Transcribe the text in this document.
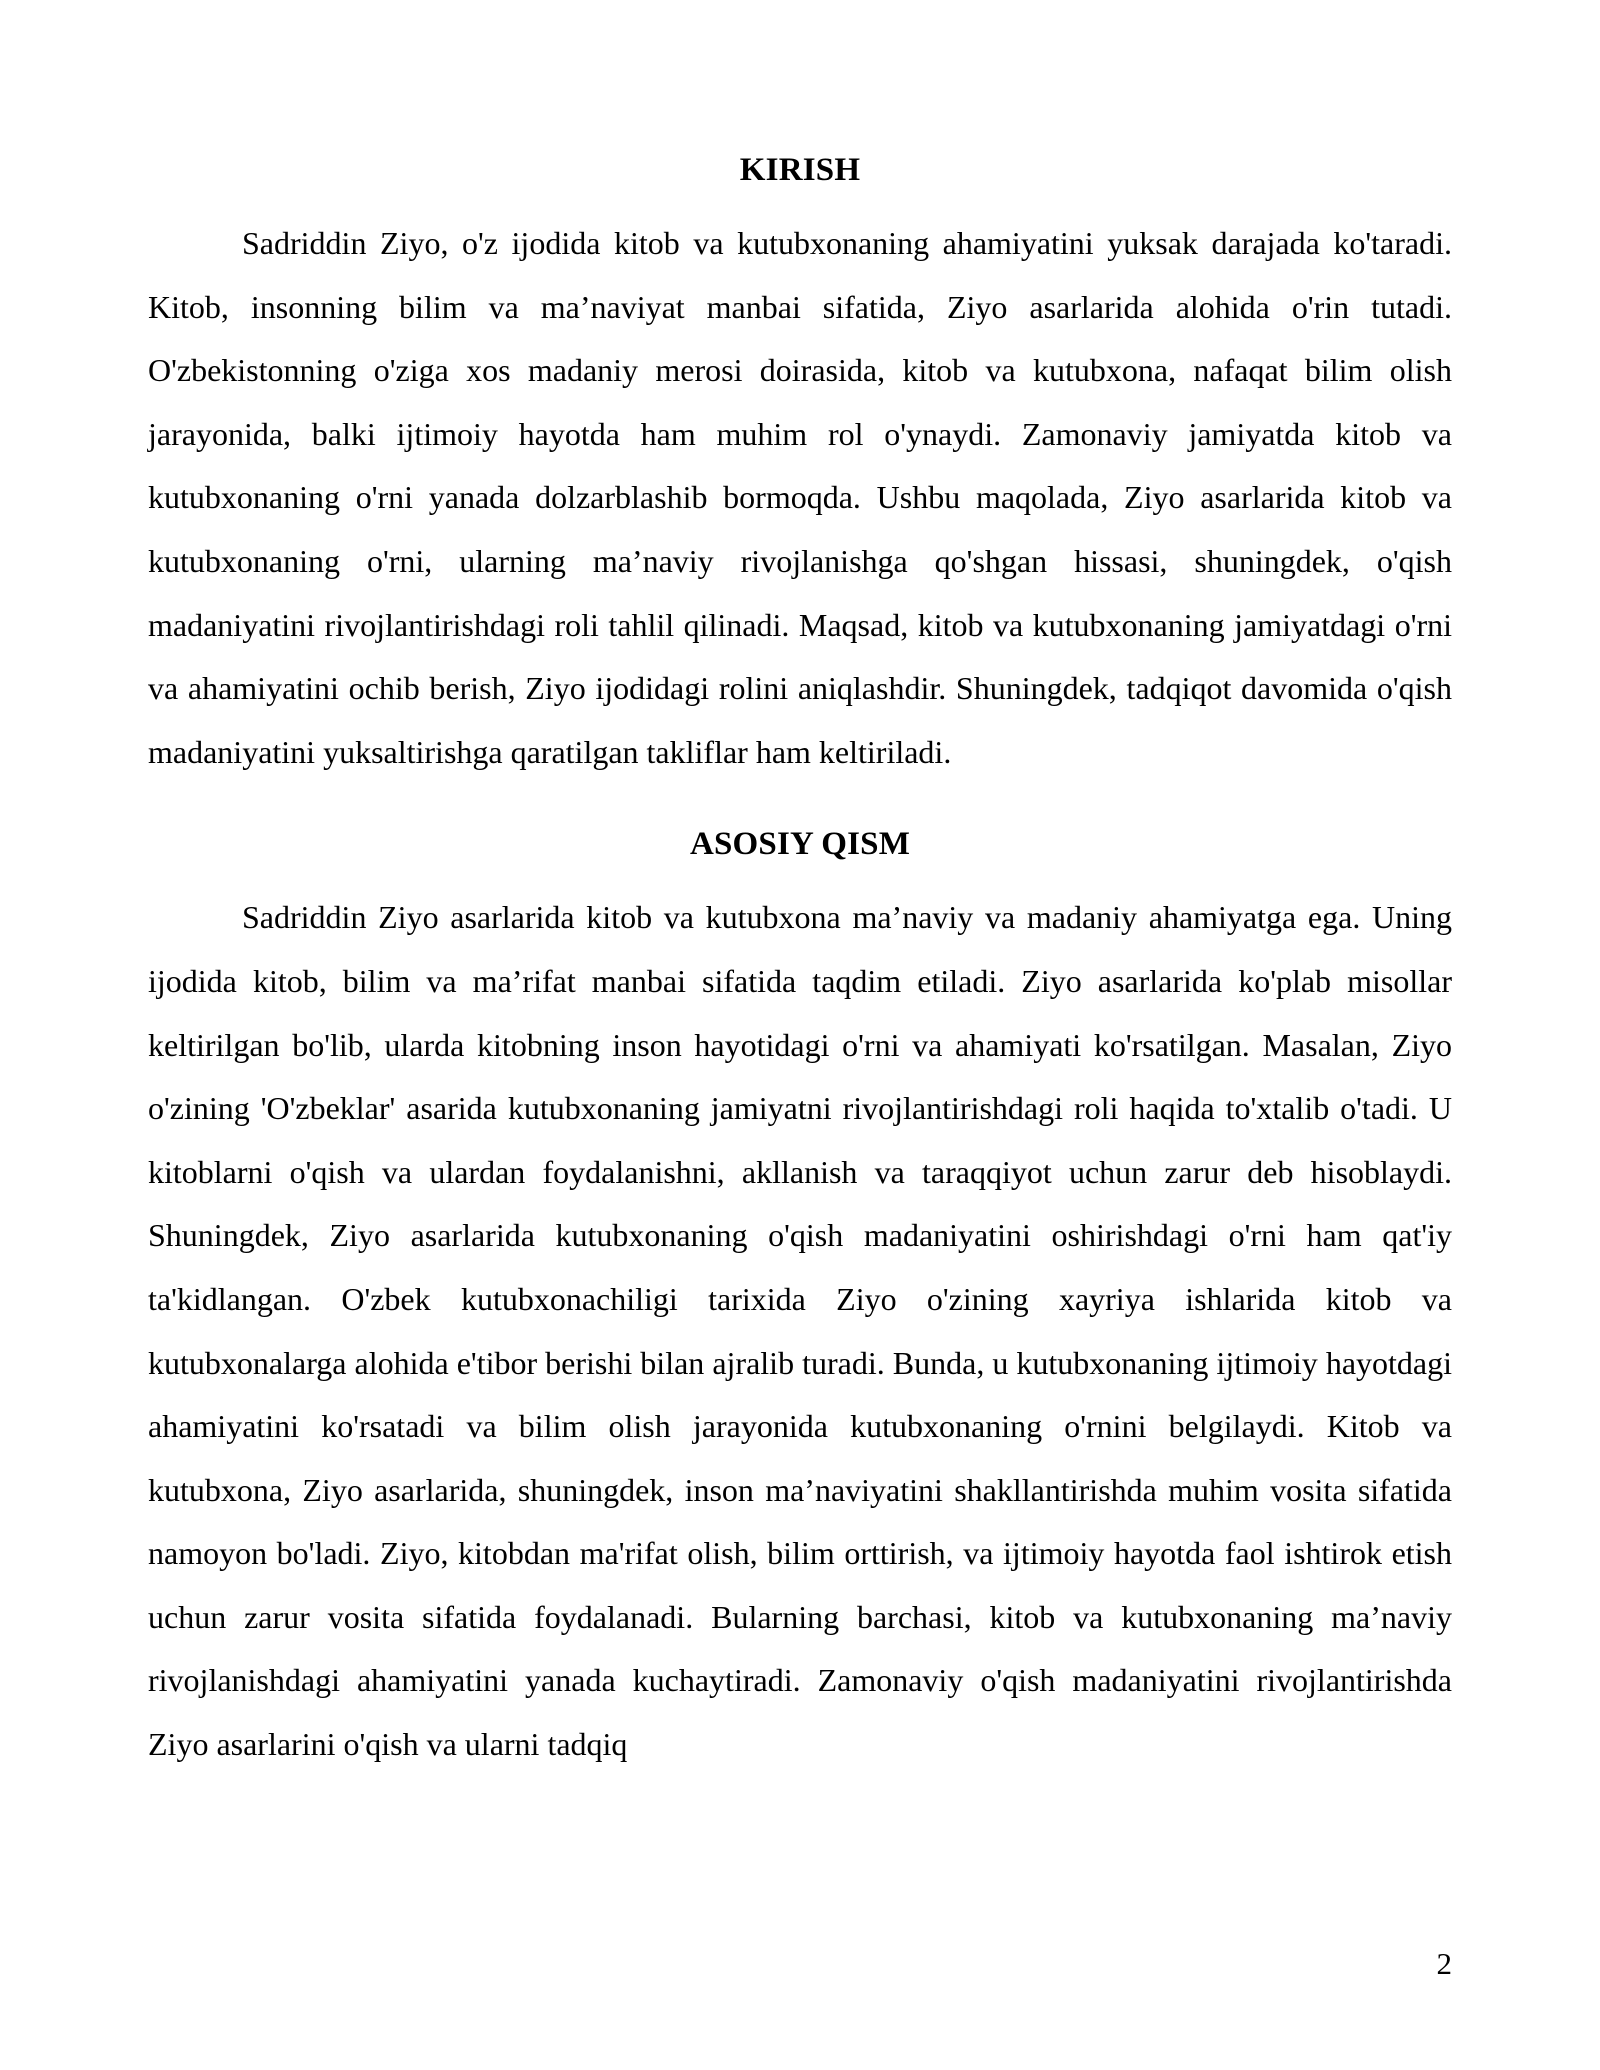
KIRISH

Sadriddin Ziyo, o'z ijodida kitob va kutubxonaning ahamiyatini yuksak darajada ko'taradi. Kitob, insonning bilim va ma’naviyat manbai sifatida, Ziyo asarlarida alohida o'rin tutadi. O'zbekistonning o'ziga xos madaniy merosi doirasida, kitob va kutubxona, nafaqat bilim olish jarayonida, balki ijtimoiy hayotda ham muhim rol o'ynaydi. Zamonaviy jamiyatda kitob va kutubxonaning o'rni yanada dolzarblashib bormoqda. Ushbu maqolada, Ziyo asarlarida kitob va kutubxonaning o'rni, ularning ma’naviy rivojlanishga qo'shgan hissasi, shuningdek, o'qish madaniyatini rivojlantirishdagi roli tahlil qilinadi. Maqsad, kitob va kutubxonaning jamiyatdagi o'rni va ahamiyatini ochib berish, Ziyo ijodidagi rolini aniqlashdir. Shuningdek, tadqiqot davomida o'qish madaniyatini yuksaltirishga qaratilgan takliflar ham keltiriladi.

ASOSIY QISM

Sadriddin Ziyo asarlarida kitob va kutubxona ma’naviy va madaniy ahamiyatga ega. Uning ijodida kitob, bilim va ma’rifat manbai sifatida taqdim etiladi. Ziyo asarlarida ko'plab misollar keltirilgan bo'lib, ularda kitobning inson hayotidagi o'rni va ahamiyati ko'rsatilgan. Masalan, Ziyo o'zining 'O'zbeklar' asarida kutubxonaning jamiyatni rivojlantirishdagi roli haqida to'xtalib o'tadi. U kitoblarni o'qish va ulardan foydalanishni, akllanish va taraqqiyot uchun zarur deb hisoblaydi. Shuningdek, Ziyo asarlarida kutubxonaning o'qish madaniyatini oshirishdagi o'rni ham qat'iy ta'kidlangan. O'zbek kutubxonachiligi tarixida Ziyo o'zining xayriya ishlarida kitob va kutubxonalarga alohida e'tibor berishi bilan ajralib turadi. Bunda, u kutubxonaning ijtimoiy hayotdagi ahamiyatini ko'rsatadi va bilim olish jarayonida kutubxonaning o'rnini belgilaydi. Kitob va kutubxona, Ziyo asarlarida, shuningdek, inson ma’naviyatini shakllantirishda muhim vosita sifatida namoyon bo'ladi. Ziyo, kitobdan ma'rifat olish, bilim orttirish, va ijtimoiy hayotda faol ishtirok etish uchun zarur vosita sifatida foydalanadi. Bularning barchasi, kitob va kutubxonaning ma’naviy rivojlanishdagi ahamiyatini yanada kuchaytiradi. Zamonaviy o'qish madaniyatini rivojlantirishda Ziyo asarlarini o'qish va ularni tadqiq

2
